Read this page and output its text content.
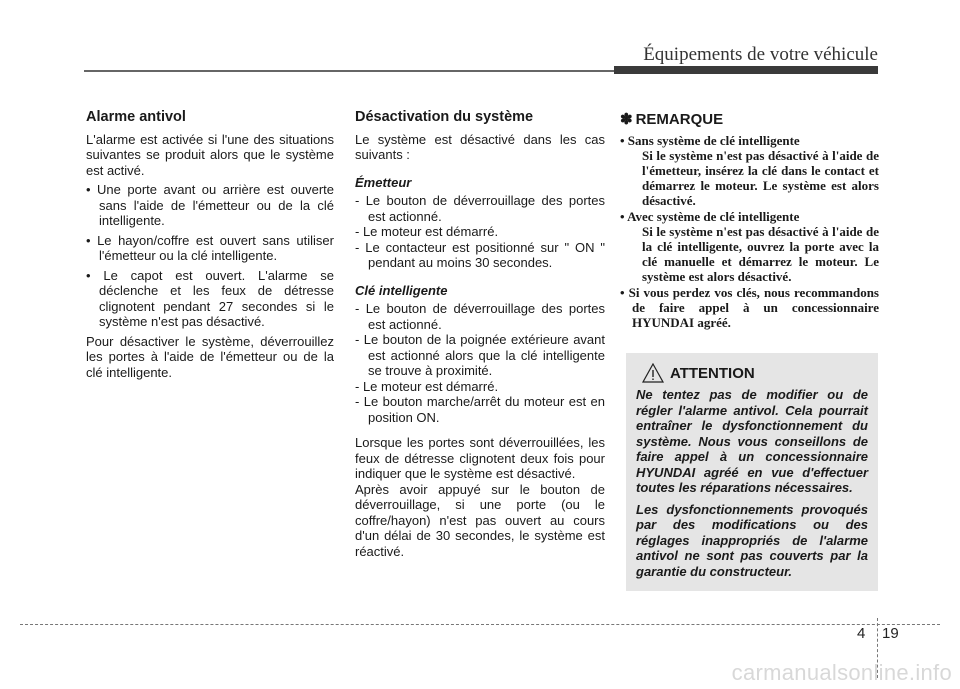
Équipements de votre véhicule
Alarme antivol

L'alarme est activée si l'une des situations suivantes se produit alors que le système est activé.

• Une porte avant ou arrière est ouverte sans l'aide de l'émetteur ou de la clé intelligente.
• Le hayon/coffre est ouvert sans utiliser l'émetteur ou la clé intelligente.
• Le capot est ouvert. L'alarme se déclenche et les feux de détresse clignotent pendant 27 secondes si le système n'est pas désactivé.

Pour désactiver le système, déverrouillez les portes à l'aide de l'émetteur ou de la clé intelligente.

Désactivation du système

Le système est désactivé dans les cas suivants :

Émetteur
- Le bouton de déverrouillage des portes est actionné.
- Le moteur est démarré.
- Le contacteur est positionné sur " ON " pendant au moins 30 secondes.
Clé intelligente
- Le bouton de déverrouillage des portes est actionné.
- Le bouton de la poignée extérieure avant est actionné alors que la clé intelligente se trouve à proximité.
- Le moteur est démarré.
- Le bouton marche/arrêt du moteur est en position ON.

Lorsque les portes sont déverrouillées, les feux de détresse clignotent deux fois pour indiquer que le système est désactivé.

Après avoir appuyé sur le bouton de déverrouillage, si une porte (ou le coffre/hayon) n'est pas ouvert au cours d'un délai de 30 secondes, le système est réactivé.

✽ REMARQUE
• Sans système de clé intelligente
Si le système n'est pas désactivé à l'aide de l'émetteur, insérez la clé dans le contact et démarrez le moteur. Le système est alors désactivé.
• Avec système de clé intelligente
Si le système n'est pas désactivé à l'aide de la clé intelligente, ouvrez la porte avec la clé manuelle et démarrez le moteur. Le système est alors désactivé.
• Si vous perdez vos clés, nous recommandons de faire appel à un concessionnaire HYUNDAI agréé.
ATTENTION

Ne tentez pas de modifier ou de régler l'alarme antivol. Cela pourrait entraîner le dysfonctionnement du système. Nous vous conseillons de faire appel à un concessionnaire HYUNDAI agréé en vue d'effectuer toutes les réparations nécessaires.

Les dysfonctionnements provoqués par des modifications ou des réglages inappropriés de l'alarme antivol ne sont pas couverts par la garantie du constructeur.

4 19
carmanualsonline.info
